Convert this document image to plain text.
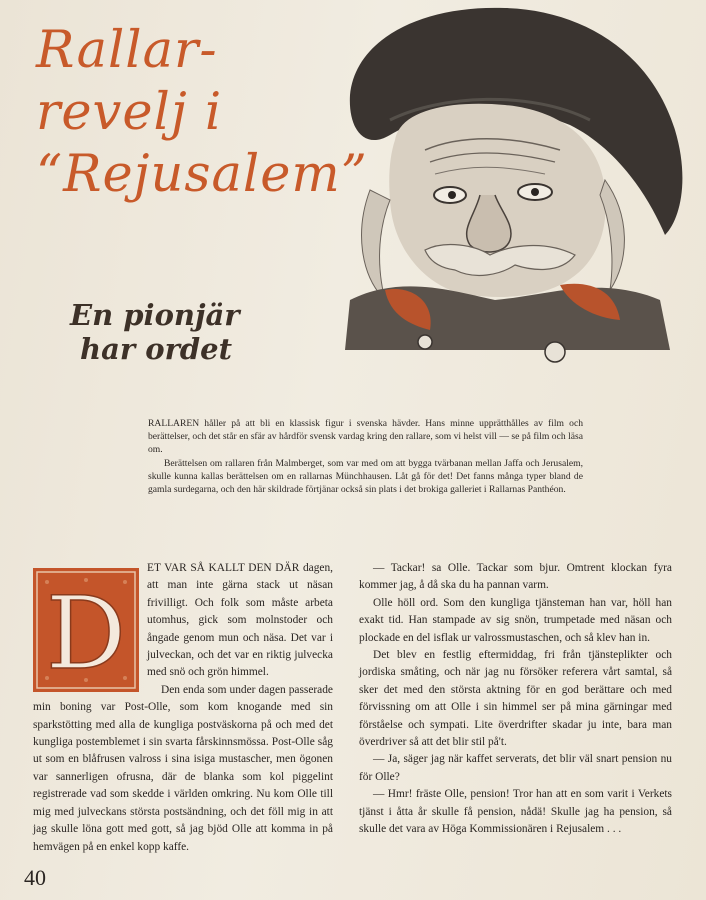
Rallar-
revelj i
“Rejusalem”
En pionjär
har ordet

RALLAREN håller på att bli en klassisk figur i svenska hävder. Hans minne upprätthålles av film och berättelser, och det står en sfär av hårdför svensk vardag kring den rallare, som vi helst vill — se på film och läsa om.

Berättelsen om rallaren från Malmberget, som var med om att bygga tvärbanan mellan Jaffa och Jerusalem, skulle kunna kallas berättelsen om en rallarnas Münchhausen. Låt gå för det! Det fanns många typer bland de gamla surdegarna, och den här skildrade förtjänar också sin plats i det brokiga galleriet i Rallarnas Panthéon.

D

ET VAR SÅ KALLT DEN DÄR dagen, att man inte gärna stack ut näsan frivilligt. Och folk som måste arbeta utomhus, gick som molnstoder och ångade genom mun och näsa. Det var i julveckan, och det var en riktig julvecka med snö och grön himmel.

Den enda som under dagen passerade min boning var Post-Olle, som kom knogande med sin sparkstötting med alla de kungliga postväskorna på och med det kungliga postemblemet i sin svarta fårskinnsmössa. Post-Olle såg ut som en blåfrusen valross i sina isiga mustascher, men ögonen var sannerligen ofrusna, där de blanka som kol piggelint registrerade vad som skedde i världen omkring. Nu kom Olle till mig med julveckans största postsändning, och det föll mig in att jag skulle löna gott med gott, så jag bjöd Olle att komma in på hemvägen på en enkel kopp kaffe.

— Tackar! sa Olle. Tackar som bjur. Omtrent klockan fyra kommer jag, å då ska du ha pannan varm.

Olle höll ord. Som den kungliga tjänsteman han var, höll han exakt tid. Han stampade av sig snön, trumpetade med näsan och plockade en del isflak ur valrossmustaschen, och så klev han in.

Det blev en festlig eftermiddag, fri från tjänsteplikter och jordiska småting, och när jag nu försöker referera vårt samtal, så sker det med den största aktning för en god berättare och med förvissning om att Olle i sin himmel ser på mina gärningar med förståelse och sympati. Lite överdrifter skadar ju inte, bara man överdriver så att det blir stil på't.

— Ja, säger jag när kaffet serverats, det blir väl snart pension nu för Olle?

— Hmr! fräste Olle, pension! Tror han att en som varit i Verkets tjänst i åtta år skulle få pension, nådä! Skulle jag ha pension, så skulle det vara av Höga Kommissionären i Rejusalem . . .

40
